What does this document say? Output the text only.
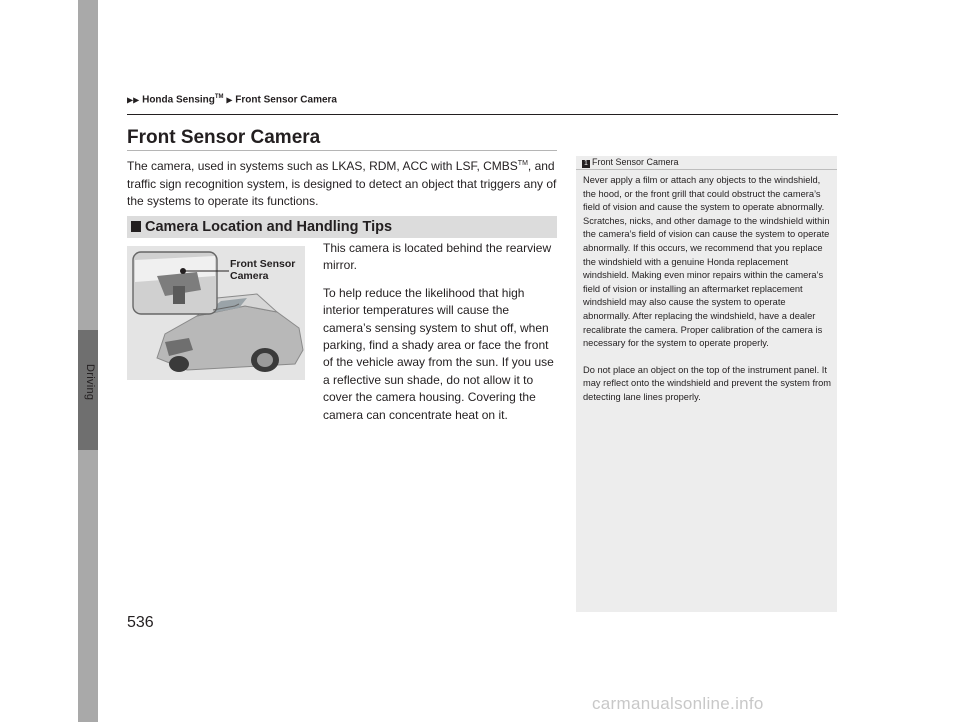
Driving
▶▶ Honda Sensing™ ▶ Front Sensor Camera
Front Sensor Camera

The camera, used in systems such as LKAS, RDM, ACC with LSF, CMBS™, and traffic sign recognition system, is designed to detect an object that triggers any of the systems to operate its functions.

Camera Location and Handling Tips
Front Sensor
Camera

This camera is located behind the rearview mirror.

To help reduce the likelihood that high interior temperatures will cause the camera’s sensing system to shut off, when parking, find a shady area or face the front of the vehicle away from the sun. If you use a reflective sun shade, do not allow it to cover the camera housing. Covering the camera can concentrate heat on it.

1 Front Sensor Camera

Never apply a film or attach any objects to the windshield, the hood, or the front grill that could obstruct the camera’s field of vision and cause the system to operate abnormally.

Scratches, nicks, and other damage to the windshield within the camera’s field of vision can cause the system to operate abnormally. If this occurs, we recommend that you replace the windshield with a genuine Honda replacement windshield. Making even minor repairs within the camera’s field of vision or installing an aftermarket replacement windshield may also cause the system to operate abnormally. After replacing the windshield, have a dealer recalibrate the camera. Proper calibration of the camera is necessary for the system to operate properly.

Do not place an object on the top of the instrument panel. It may reflect onto the windshield and prevent the system from detecting lane lines properly.

536
carmanualsonline.info
